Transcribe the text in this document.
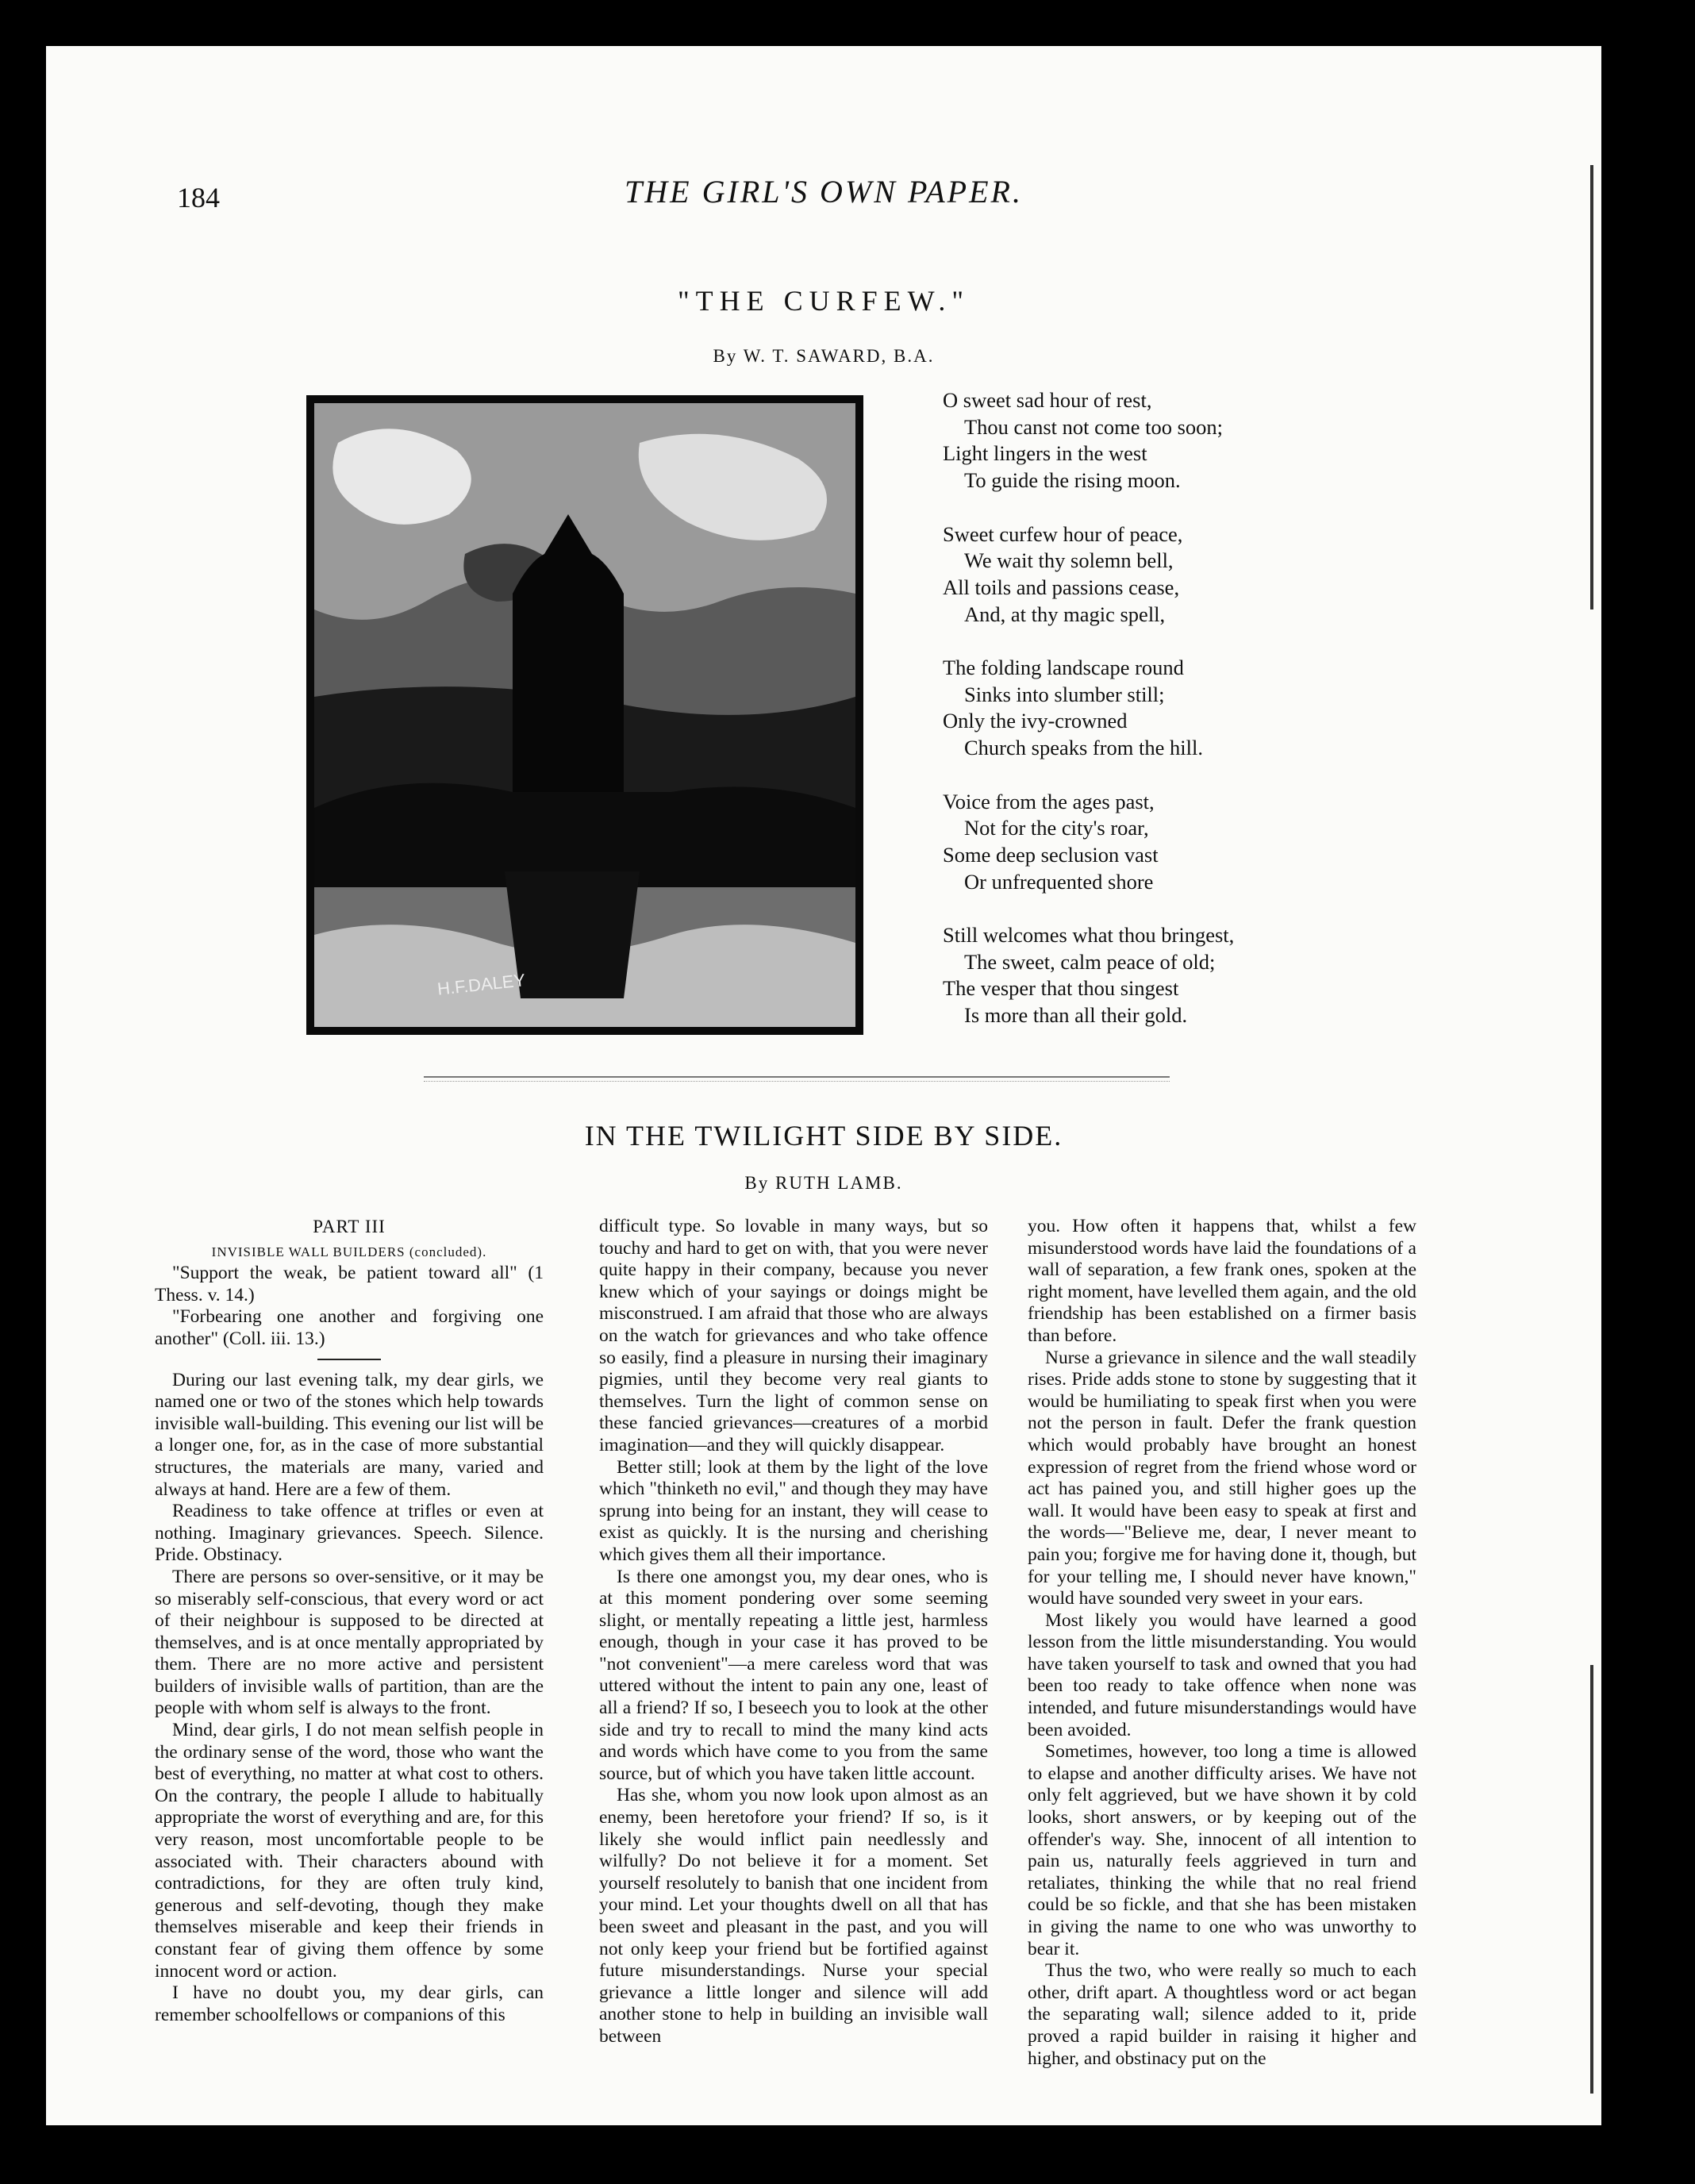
184	THE GIRL'S OWN PAPER.
"THE CURFEW."
By W. T. SAWARD, B.A.
H.F.DALEY
O sweet sad hour of rest,
Thou canst not come too soon;
Light lingers in the west
To guide the rising moon.
Sweet curfew hour of peace,
We wait thy solemn bell,
All toils and passions cease,
And, at thy magic spell,
The folding landscape round
Sinks into slumber still;
Only the ivy-crowned
Church speaks from the hill.
Voice from the ages past,
Not for the city's roar,
Some deep seclusion vast
Or unfrequented shore
Still welcomes what thou bringest,
The sweet, calm peace of old;
The vesper that thou singest
Is more than all their gold.
IN THE TWILIGHT SIDE BY SIDE.
By RUTH LAMB.
PART III
INVISIBLE WALL BUILDERS (concluded).

"Support the weak, be patient toward all" (1 Thess. v. 14.)

"Forbearing one another and forgiving one another" (Coll. iii. 13.)

During our last evening talk, my dear girls, we named one or two of the stones which help towards invisible wall-building. This evening our list will be a longer one, for, as in the case of more substantial structures, the materials are many, varied and always at hand. Here are a few of them.

Readiness to take offence at trifles or even at nothing. Imaginary grievances. Speech. Silence. Pride. Obstinacy.

There are persons so over-sensitive, or it may be so miserably self-conscious, that every word or act of their neighbour is supposed to be directed at themselves, and is at once mentally appropriated by them. There are no more active and persistent builders of invisible walls of partition, than are the people with whom self is always to the front.

Mind, dear girls, I do not mean selfish people in the ordinary sense of the word, those who want the best of everything, no matter at what cost to others. On the contrary, the people I allude to habitually appropriate the worst of everything and are, for this very reason, most uncomfortable people to be associated with. Their characters abound with contradictions, for they are often truly kind, generous and self-devoting, though they make themselves miserable and keep their friends in constant fear of giving them offence by some innocent word or action.

I have no doubt you, my dear girls, can remember schoolfellows or companions of this

difficult type. So lovable in many ways, but so touchy and hard to get on with, that you were never quite happy in their company, because you never knew which of your sayings or doings might be misconstrued. I am afraid that those who are always on the watch for grievances and who take offence so easily, find a pleasure in nursing their imaginary pigmies, until they become very real giants to themselves. Turn the light of common sense on these fancied grievances—creatures of a morbid imagination—and they will quickly disappear.

Better still; look at them by the light of the love which "thinketh no evil," and though they may have sprung into being for an instant, they will cease to exist as quickly. It is the nursing and cherishing which gives them all their importance.

Is there one amongst you, my dear ones, who is at this moment pondering over some seeming slight, or mentally repeating a little jest, harmless enough, though in your case it has proved to be "not convenient"—a mere careless word that was uttered without the intent to pain any one, least of all a friend? If so, I beseech you to look at the other side and try to recall to mind the many kind acts and words which have come to you from the same source, but of which you have taken little account.

Has she, whom you now look upon almost as an enemy, been heretofore your friend? If so, is it likely she would inflict pain needlessly and wilfully? Do not believe it for a moment. Set yourself resolutely to banish that one incident from your mind. Let your thoughts dwell on all that has been sweet and pleasant in the past, and you will not only keep your friend but be fortified against future misunderstandings. Nurse your special grievance a little longer and silence will add another stone to help in building an invisible wall between

you. How often it happens that, whilst a few misunderstood words have laid the foundations of a wall of separation, a few frank ones, spoken at the right moment, have levelled them again, and the old friendship has been established on a firmer basis than before.

Nurse a grievance in silence and the wall steadily rises. Pride adds stone to stone by suggesting that it would be humiliating to speak first when you were not the person in fault. Defer the frank question which would probably have brought an honest expression of regret from the friend whose word or act has pained you, and still higher goes up the wall. It would have been easy to speak at first and the words—"Believe me, dear, I never meant to pain you; forgive me for having done it, though, but for your telling me, I should never have known," would have sounded very sweet in your ears.

Most likely you would have learned a good lesson from the little misunderstanding. You would have taken yourself to task and owned that you had been too ready to take offence when none was intended, and future misunderstandings would have been avoided.

Sometimes, however, too long a time is allowed to elapse and another difficulty arises. We have not only felt aggrieved, but we have shown it by cold looks, short answers, or by keeping out of the offender's way. She, innocent of all intention to pain us, naturally feels aggrieved in turn and retaliates, thinking the while that no real friend could be so fickle, and that she has been mistaken in giving the name to one who was unworthy to bear it.

Thus the two, who were really so much to each other, drift apart. A thoughtless word or act began the separating wall; silence added to it, pride proved a rapid builder in raising it higher and higher, and obstinacy put on the
